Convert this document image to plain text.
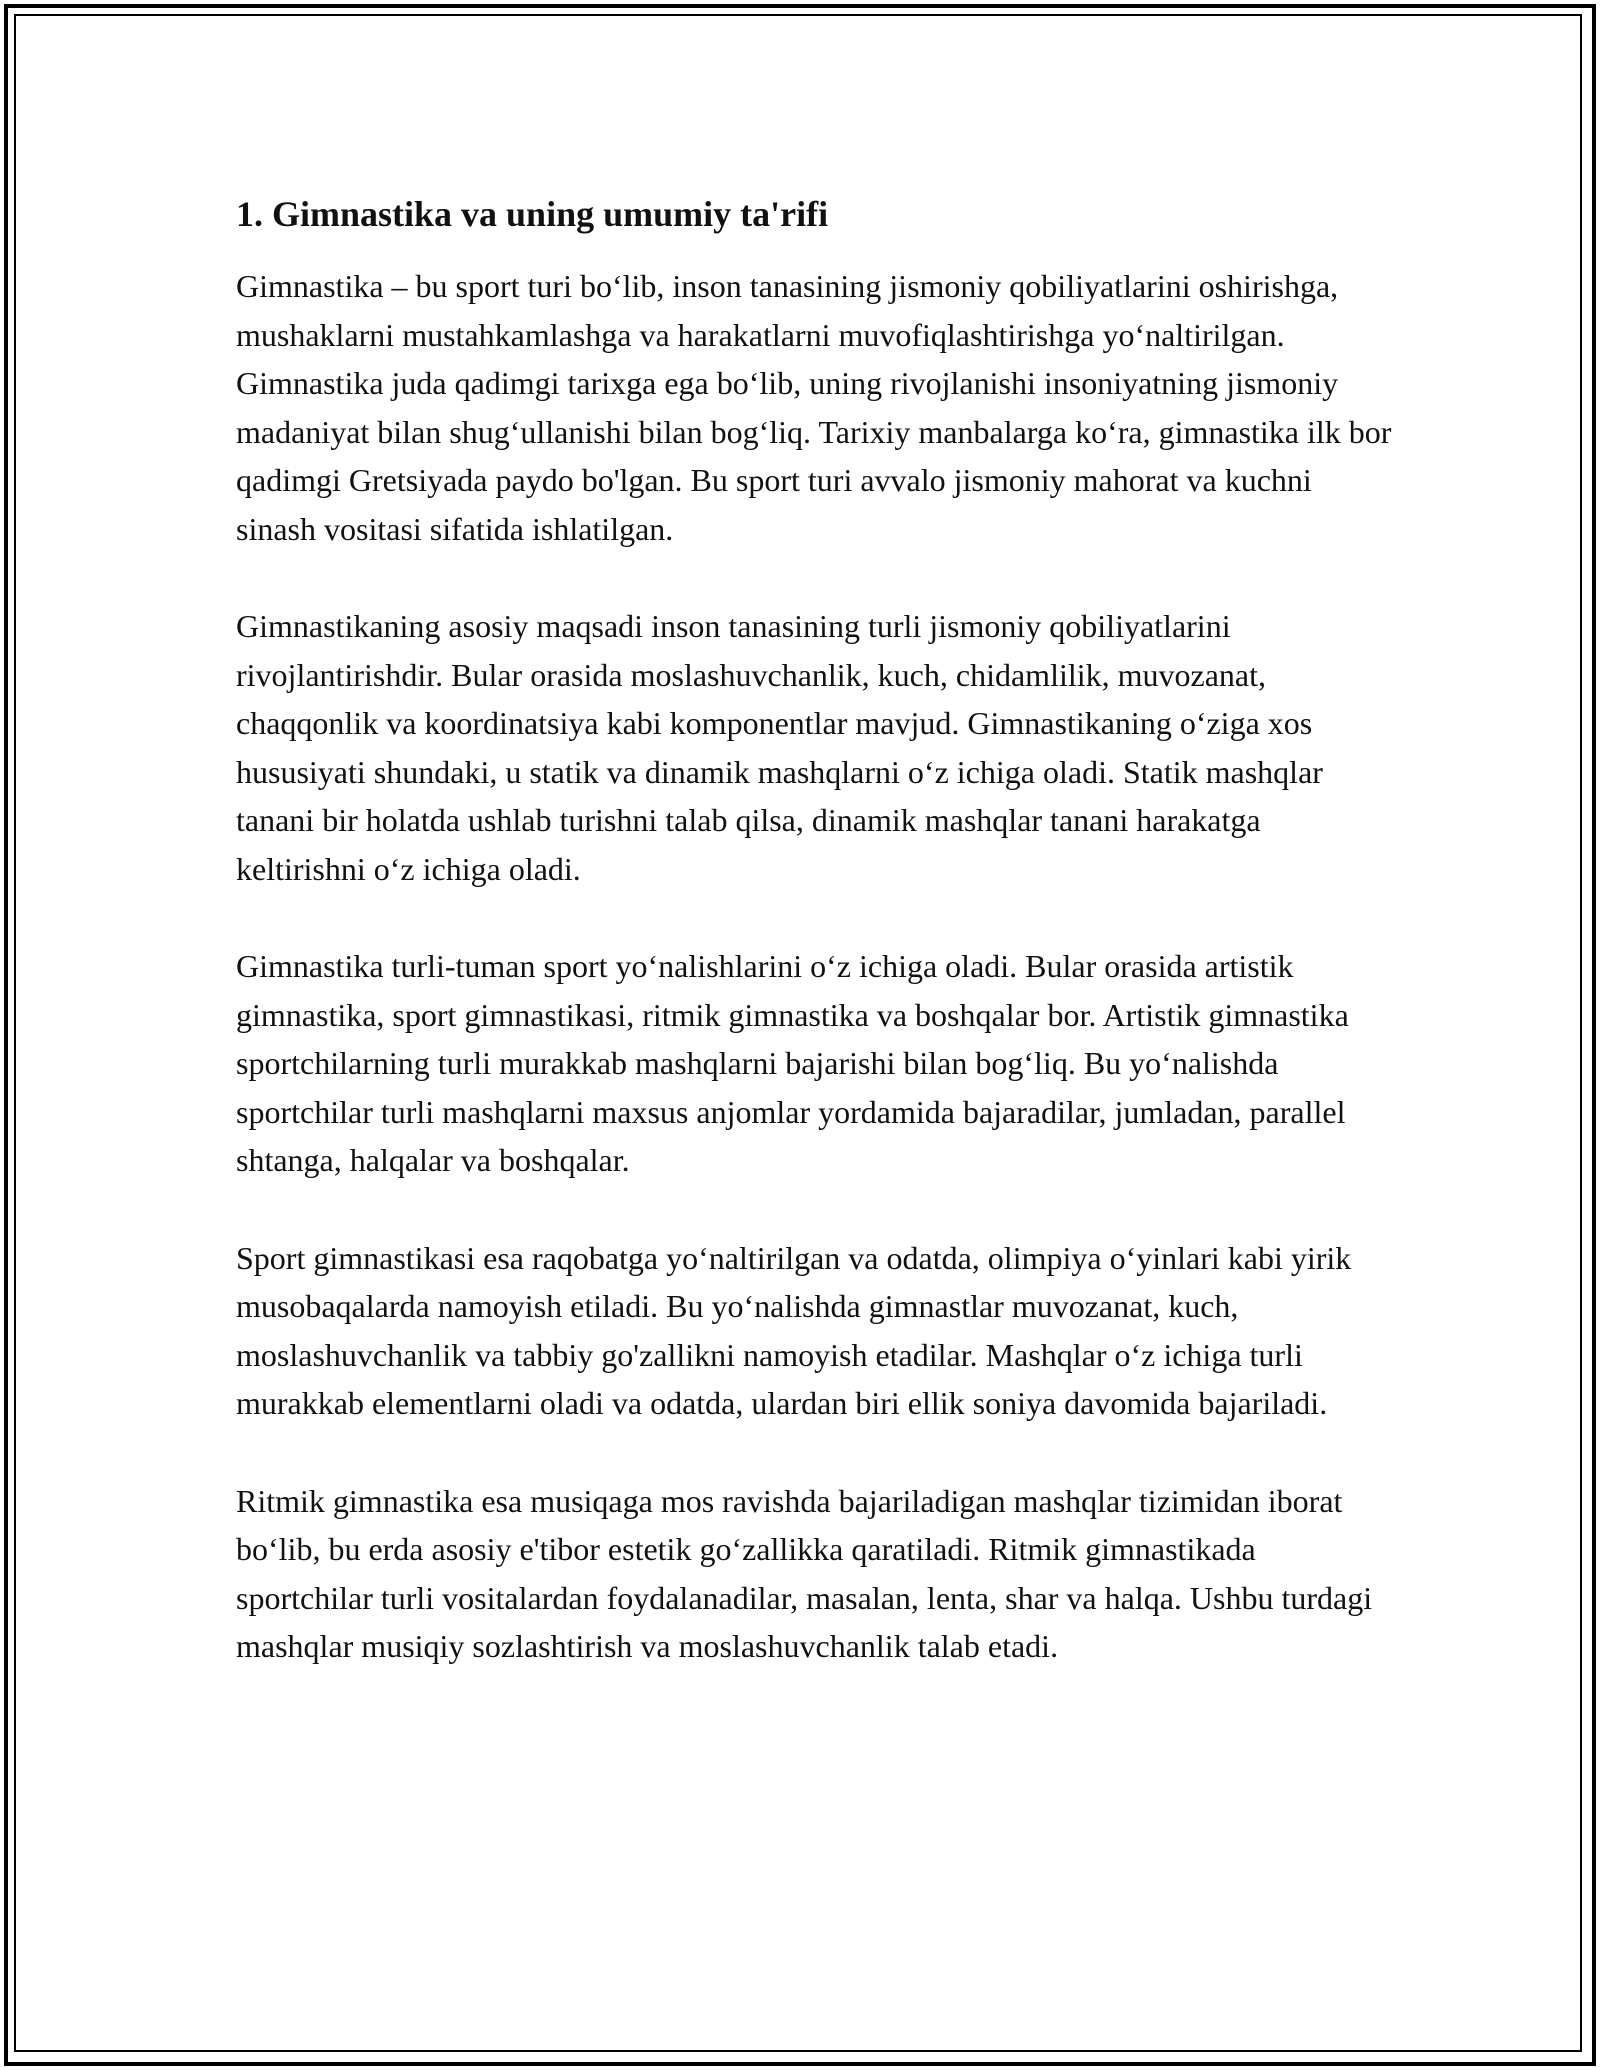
1. Gimnastika va uning umumiy ta'rifi

Gimnastika – bu sport turi bo‘lib, inson tanasining jismoniy qobiliyatlarini oshirishga, mushaklarni mustahkamlashga va harakatlarni muvofiqlashtirishga yo‘naltirilgan. Gimnastika juda qadimgi tarixga ega bo‘lib, uning rivojlanishi insoniyatning jismoniy madaniyat bilan shug‘ullanishi bilan bog‘liq. Tarixiy manbalarga ko‘ra, gimnastika ilk bor qadimgi Gretsiyada paydo bo'lgan. Bu sport turi avvalo jismoniy mahorat va kuchni sinash vositasi sifatida ishlatilgan.

Gimnastikaning asosiy maqsadi inson tanasining turli jismoniy qobiliyatlarini rivojlantirishdir. Bular orasida moslashuvchanlik, kuch, chidamlilik, muvozanat, chaqqonlik va koordinatsiya kabi komponentlar mavjud. Gimnastikaning o‘ziga xos hususiyati shundaki, u statik va dinamik mashqlarni o‘z ichiga oladi. Statik mashqlar tanani bir holatda ushlab turishni talab qilsa, dinamik mashqlar tanani harakatga keltirishni o‘z ichiga oladi.

Gimnastika turli-tuman sport yo‘nalishlarini o‘z ichiga oladi. Bular orasida artistik gimnastika, sport gimnastikasi, ritmik gimnastika va boshqalar bor. Artistik gimnastika sportchilarning turli murakkab mashqlarni bajarishi bilan bog‘liq. Bu yo‘nalishda sportchilar turli mashqlarni maxsus anjomlar yordamida bajaradilar, jumladan, parallel shtanga, halqalar va boshqalar.

Sport gimnastikasi esa raqobatga yo‘naltirilgan va odatda, olimpiya o‘yinlari kabi yirik musobaqalarda namoyish etiladi. Bu yo‘nalishda gimnastlar muvozanat, kuch, moslashuvchanlik va tabbiy go'zallikni namoyish etadilar. Mashqlar o‘z ichiga turli murakkab elementlarni oladi va odatda, ulardan biri ellik soniya davomida bajariladi.

Ritmik gimnastika esa musiqaga mos ravishda bajariladigan mashqlar tizimidan iborat bo‘lib, bu erda asosiy e'tibor estetik go‘zallikka qaratiladi. Ritmik gimnastikada sportchilar turli vositalardan foydalanadilar, masalan, lenta, shar va halqa. Ushbu turdagi mashqlar musiqiy sozlashtirish va moslashuvchanlik talab etadi.
